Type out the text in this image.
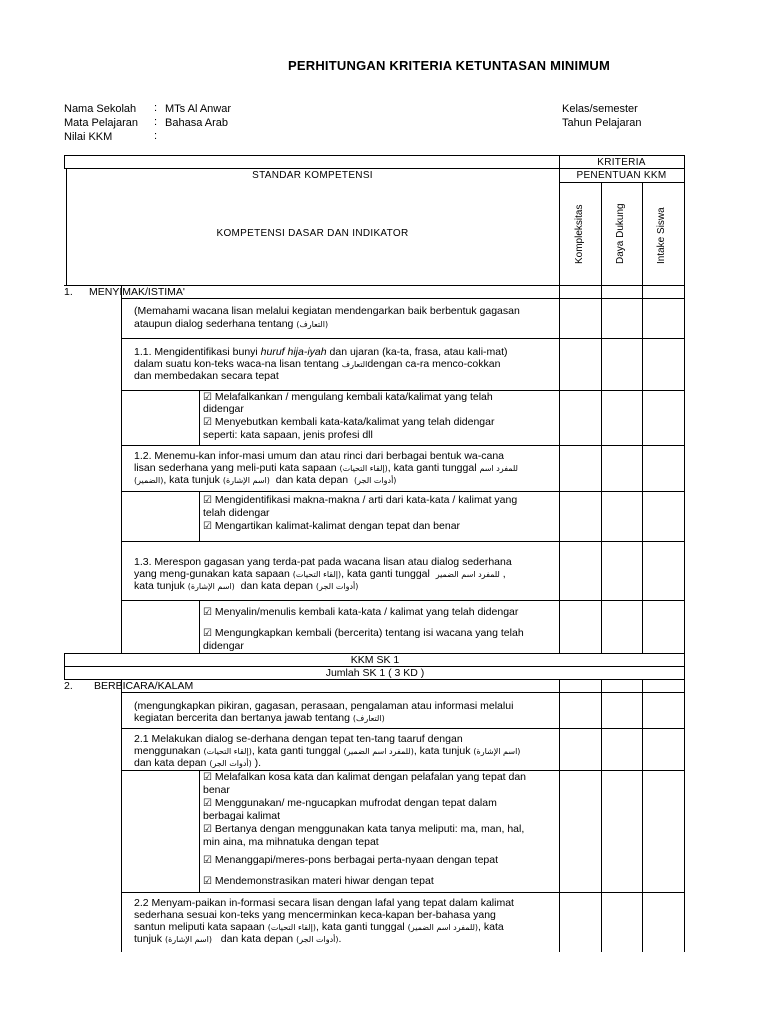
PERHITUNGAN KRITERIA KETUNTASAN MINIMUM
Nama Sekolah : MTs Al Anwar
Mata Pelajaran : Bahasa Arab
Nilai KKM	:
Kelas/semester
Tahun Pelajaran
KRITERIA
PENENTUAN KKM
STANDAR KOMPETENSI
KOMPETENSI DASAR DAN INDIKATOR	Kompleksitas	Daya Dukung	Intake Siswa
1. MENYIMAK/ISTIMA'
(Memahami wacana lisan melalui kegiatan mendengarkan baik berbentuk gagasan
ataupun dialog sederhana tentang (التعارف)
1.1. Mengidentifikasi bunyi huruf hija-iyah dan ujaran (ka-ta, frasa, atau kali-mat)
dalam suatu kon-teks waca-na lisan tentang التعارفdengan ca-ra menco-cokkan
dan membedakan secara tepat
☑ Melafalkankan / mengulang kembali kata/kalimat yang telah
didengar
☑ Menyebutkan kembali kata-kata/kalimat yang telah didengar
seperti: kata sapaan, jenis profesi dll
1.2. Menemu-kan infor-masi umum dan atau rinci dari berbagai bentuk wa-cana
lisan sederhana yang meli-puti kata sapaan (إلقاء التحيات), kata ganti tunggal للمفرد اسم
(الضمير), kata tunjuk (اسم الإشارة) dan kata depan (أدوات الجر)
☑ Mengidentifikasi makna-makna / arti dari kata-kata / kalimat yang
telah didengar
☑ Mengartikan kalimat-kalimat dengan tepat dan benar
1.3. Merespon gagasan yang terda-pat pada wacana lisan atau dialog sederhana
yang meng-gunakan kata sapaan (إلقاء التحيات), kata ganti tunggal للمفرد اسم الضمير ,
kata tunjuk (اسم الإشارة) dan kata depan (أدوات الجر)
☑ Menyalin/menulis kembali kata-kata / kalimat yang telah didengar
☑ Mengungkapkan kembali (bercerita) tentang isi wacana yang telah
didengar
KKM SK 1
Jumlah SK 1 ( 3 KD )
2. BERBICARA/KALAM
(mengungkapkan pikiran, gagasan, perasaan, pengalaman atau informasi melalui
kegiatan bercerita dan bertanya jawab tentang (التعارف)
2.1 Melakukan dialog se-derhana dengan tepat ten-tang taaruf dengan
menggunakan (إلقاء التحيات), kata ganti tunggal (للمفرد اسم الضمير), kata tunjuk (اسم الإشارة)
dan kata depan (أدوات الجر) ).
☑ Melafalkan kosa kata dan kalimat dengan pelafalan yang tepat dan
benar
☑ Menggunakan/ me-ngucapkan mufrodat dengan tepat dalam
berbagai kalimat
☑ Bertanya dengan menggunakan kata tanya meliputi: ma, man, hal,
min aina, ma mihnatuka dengan tepat
☑ Menanggapi/meres-pons berbagai perta-nyaan dengan tepat
☑ Mendemonstrasikan materi hiwar dengan tepat
2.2 Menyam-paikan in-formasi secara lisan dengan lafal yang tepat dalam kalimat
sederhana sesuai kon-teks yang mencerminkan keca-kapan ber-bahasa yang
santun meliputi kata sapaan (إلقاء التحيات), kata ganti tunggal (للمفرد اسم الضمير), kata
tunjuk (اسم الإشارة) dan kata depan (أدوات الجر).
